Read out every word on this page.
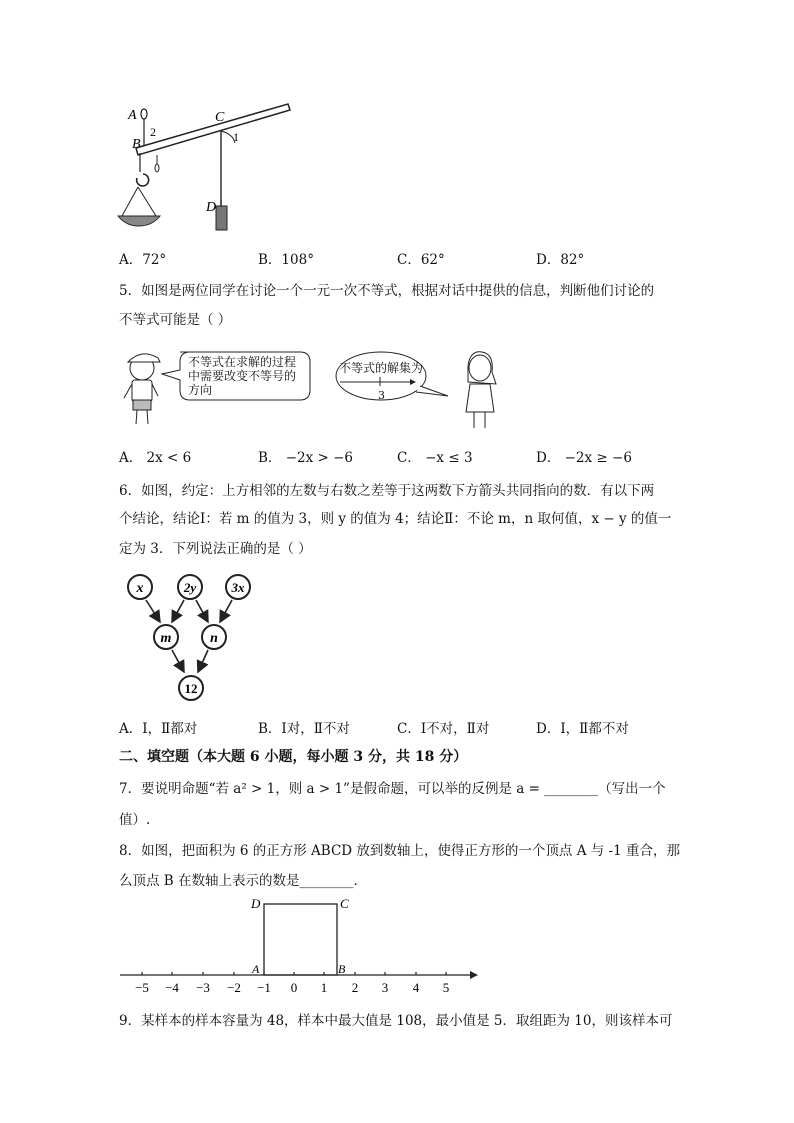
A
B
C
D
1
2
A．72°	B．108°	C．62°	D．82°
5．如图是两位同学在讨论一个一元一次不等式，根据对话中提供的信息，判断他们讨论的
不等式可能是（ ）
不等式在求解的过程
中需要改变不等号的
方向
不等式的解集为
3
A． 2x < 6	B． −2x > −6	C． −x ≤ 3	D． −2x ≥ −6
6．如图，约定：上方相邻的左数与右数之差等于这两数下方箭头共同指向的数．有以下两
个结论，结论Ⅰ：若 m 的值为 3，则 y 的值为 4；结论Ⅱ：不论 m，n 取何值，x − y 的值一
定为 3．下列说法正确的是（ ）
x	2y	3x
m	n
12
A．Ⅰ，Ⅱ都对	B．Ⅰ对，Ⅱ不对	C．Ⅰ不对，Ⅱ对	D．Ⅰ，Ⅱ都不对
二、填空题（本大题 6 小题，每小题 3 分，共 18 分）
7．要说明命题“若 a² > 1，则 a > 1”是假命题，可以举的反例是 a = ________（写出一个
值）.
8．如图，把面积为 6 的正方形 ABCD 放到数轴上，使得正方形的一个顶点 A 与 -1 重合，那
么顶点 B 在数轴上表示的数是________．
D	C
A	B
−5 −4 −3 −2 −1 0 1 2 3 4 5
9．某样本的样本容量为 48，样本中最大值是 108，最小值是 5．取组距为 10，则该样本可
